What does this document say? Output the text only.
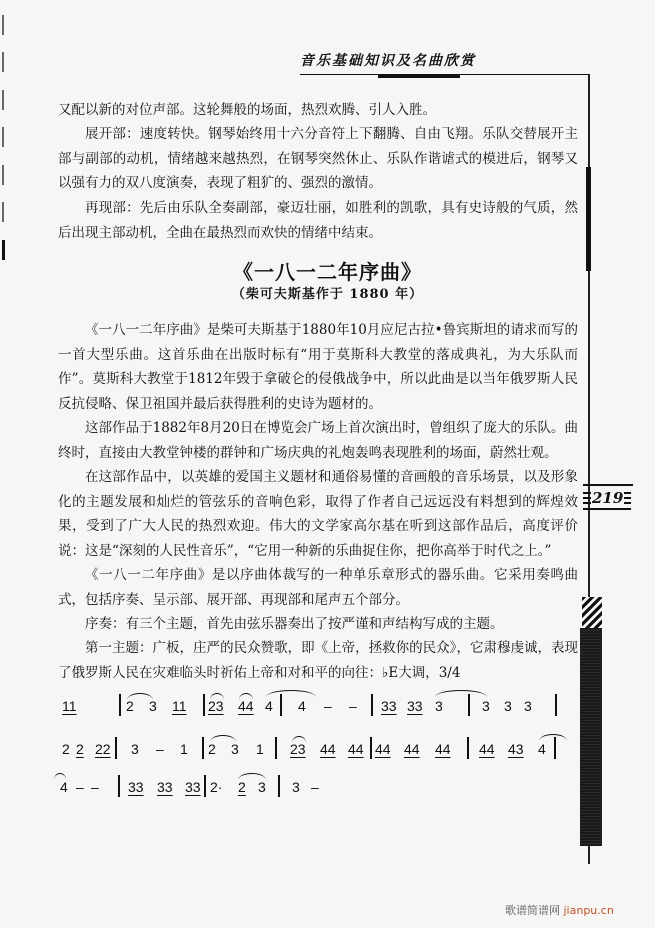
音乐基础知识及名曲欣赏
219
又配以新的对位声部。这轮舞般的场面，热烈欢腾、引人入胜。
展开部：速度转快。钢琴始终用十六分音符上下翻腾、自由飞翔。乐队交替展开主部与副部的动机，情绪越来越热烈，在钢琴突然休止、乐队作谐谑式的模进后，钢琴又以强有力的双八度演奏，表现了粗犷的、强烈的激情。
再现部：先后由乐队全奏副部，豪迈壮丽，如胜利的凯歌，具有史诗般的气质，然后出现主部动机，全曲在最热烈而欢快的情绪中结束。
《一八一二年序曲》
（柴可夫斯基作于 1880 年）
《一八一二年序曲》是柴可夫斯基于1880年10月应尼古拉•鲁宾斯坦的请求而写的一首大型乐曲。这首乐曲在出版时标有“用于莫斯科大教堂的落成典礼，为大乐队而作”。莫斯科大教堂于1812年毁于拿破仑的侵俄战争中，所以此曲是以当年俄罗斯人民反抗侵略、保卫祖国并最后获得胜利的史诗为题材的。
这部作品于1882年8月20日在博览会广场上首次演出时，曾组织了庞大的乐队。曲终时，直接由大教堂钟楼的群钟和广场庆典的礼炮轰鸣表现胜利的场面，蔚然壮观。
在这部作品中，以英雄的爱国主义题材和通俗易懂的音画般的音乐场景，以及形象化的主题发展和灿烂的管弦乐的音响色彩，取得了作者自己远远没有料想到的辉煌效果，受到了广大人民的热烈欢迎。伟大的文学家高尔基在听到这部作品后，高度评价说：这是“深刻的人民性音乐”，“它用一种新的乐曲捉住你，把你高举于时代之上。”
《一八一二年序曲》是以序曲体裁写的一种单乐章形式的器乐曲。它采用奏鸣曲式，包括序奏、呈示部、展开部、再现部和尾声五个部分。
序奏：有三个主题，首先由弦乐器奏出了按严谨和声结构写成的主题。
第一主题：广板，庄严的民众赞歌，即《上帝，拯救你的民众》，它肃穆虔诚，表现了俄罗斯人民在灾难临头时祈佑上帝和对和平的向往：♭E大调，3/4
11	2 3 11 23 44 4 4 – – 33 33 3	3 3 3
2 2 22 3 – 1 2 3 1 23 44 44 44 44 44 44 43 4
4 – – 33 33 33 2· 2 3 3 –
歌谱简谱网 jianpu.cn
